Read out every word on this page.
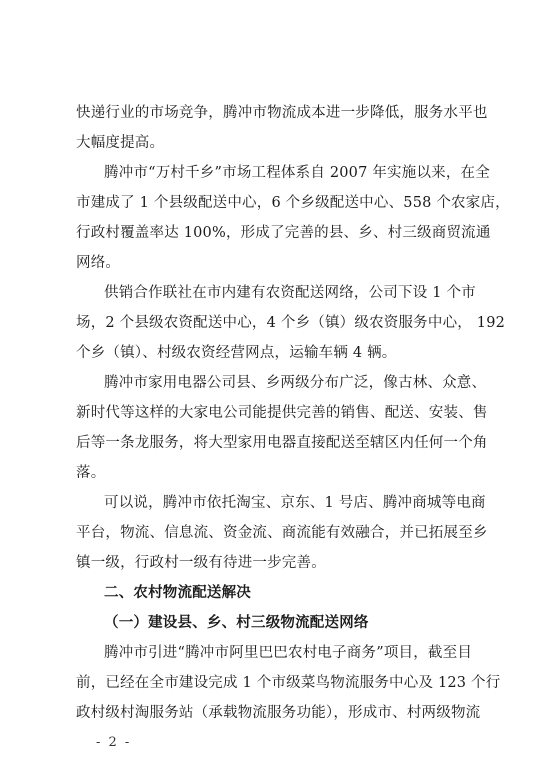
快递行业的市场竞争，腾冲市物流成本进一步降低，服务水平也
大幅度提高。
腾冲市“万村千乡”市场工程体系自 2007 年实施以来，在全
市建成了 1 个县级配送中心，6 个乡级配送中心、558 个农家店，
行政村覆盖率达 100%，形成了完善的县、乡、村三级商贸流通
网络。
供销合作联社在市内建有农资配送网络，公司下设 1 个市
场，2 个县级农资配送中心，4 个乡（镇）级农资服务中心， 192
个乡（镇）、村级农资经营网点，运输车辆 4 辆。
腾冲市家用电器公司县、乡两级分布广泛，像古林、众意、
新时代等这样的大家电公司能提供完善的销售、配送、安装、售
后等一条龙服务，将大型家用电器直接配送至辖区内任何一个角
落。
可以说，腾冲市依托淘宝、京东、1 号店、腾冲商城等电商
平台，物流、信息流、资金流、商流能有效融合，并已拓展至乡
镇一级，行政村一级有待进一步完善。
二、农村物流配送解决
（一）建设县、乡、村三级物流配送网络
腾冲市引进“腾冲市阿里巴巴农村电子商务”项目，截至目
前，已经在全市建设完成 1 个市级菜鸟物流服务中心及 123 个行
政村级村淘服务站（承载物流服务功能），形成市、村两级物流
- 2 -
